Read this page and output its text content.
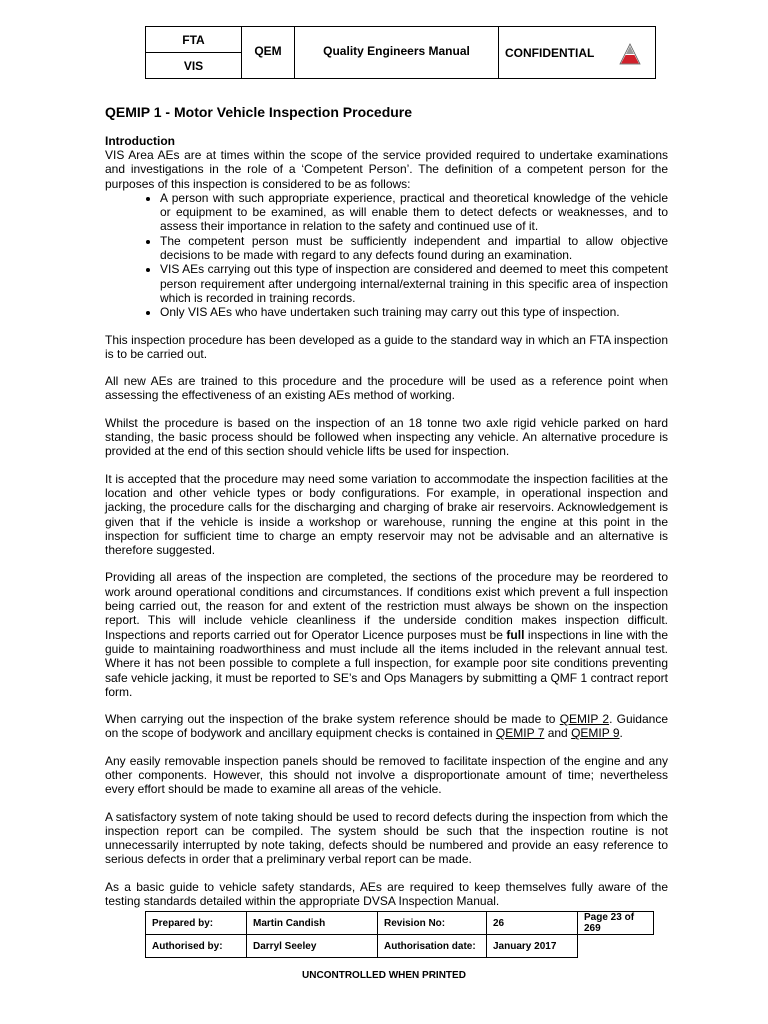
FTA	QEM	Quality Engineers Manual	CONFIDENTIAL

VIS
QEMIP 1 - Motor Vehicle Inspection Procedure
Introduction

VIS Area AEs are at times within the scope of the service provided required to undertake examinations and investigations in the role of a ‘Competent Person’. The definition of a competent person for the purposes of this inspection is considered to be as follows:

• A person with such appropriate experience, practical and theoretical knowledge of the vehicle or equipment to be examined, as will enable them to detect defects or weaknesses, and to assess their importance in relation to the safety and continued use of it.
• The competent person must be sufficiently independent and impartial to allow objective decisions to be made with regard to any defects found during an examination.
• VIS AEs carrying out this type of inspection are considered and deemed to meet this competent person requirement after undergoing internal/external training in this specific area of inspection which is recorded in training records.
• Only VIS AEs who have undertaken such training may carry out this type of inspection.

This inspection procedure has been developed as a guide to the standard way in which an FTA inspection is to be carried out.

All new AEs are trained to this procedure and the procedure will be used as a reference point when assessing the effectiveness of an existing AEs method of working.

Whilst the procedure is based on the inspection of an 18 tonne two axle rigid vehicle parked on hard standing, the basic process should be followed when inspecting any vehicle. An alternative procedure is provided at the end of this section should vehicle lifts be used for inspection.

It is accepted that the procedure may need some variation to accommodate the inspection facilities at the location and other vehicle types or body configurations. For example, in operational inspection and jacking, the procedure calls for the discharging and charging of brake air reservoirs. Acknowledgement is given that if the vehicle is inside a workshop or warehouse, running the engine at this point in the inspection for sufficient time to charge an empty reservoir may not be advisable and an alternative is therefore suggested.

Providing all areas of the inspection are completed, the sections of the procedure may be reordered to work around operational conditions and circumstances. If conditions exist which prevent a full inspection being carried out, the reason for and extent of the restriction must always be shown on the inspection report. This will include vehicle cleanliness if the underside condition makes inspection difficult. Inspections and reports carried out for Operator Licence purposes must be full inspections in line with the guide to maintaining roadworthiness and must include all the items included in the relevant annual test. Where it has not been possible to complete a full inspection, for example poor site conditions preventing safe vehicle jacking, it must be reported to SE’s and Ops Managers by submitting a QMF 1 contract report form.

When carrying out the inspection of the brake system reference should be made to QEMIP 2. Guidance on the scope of bodywork and ancillary equipment checks is contained in QEMIP 7 and QEMIP 9.

Any easily removable inspection panels should be removed to facilitate inspection of the engine and any other components. However, this should not involve a disproportionate amount of time; nevertheless every effort should be made to examine all areas of the vehicle.

A satisfactory system of note taking should be used to record defects during the inspection from which the inspection report can be compiled. The system should be such that the inspection routine is not unnecessarily interrupted by note taking, defects should be numbered and provide an easy reference to serious defects in order that a preliminary verbal report can be made.

As a basic guide to vehicle safety standards, AEs are required to keep themselves fully aware of the testing standards detailed within the appropriate DVSA Inspection Manual.

Prepared by:	Martin Candish	Revision No:	26	Page 23 of 269
Authorised by:	Darryl Seeley	Authorisation date:	January 2017	
UNCONTROLLED WHEN PRINTED
